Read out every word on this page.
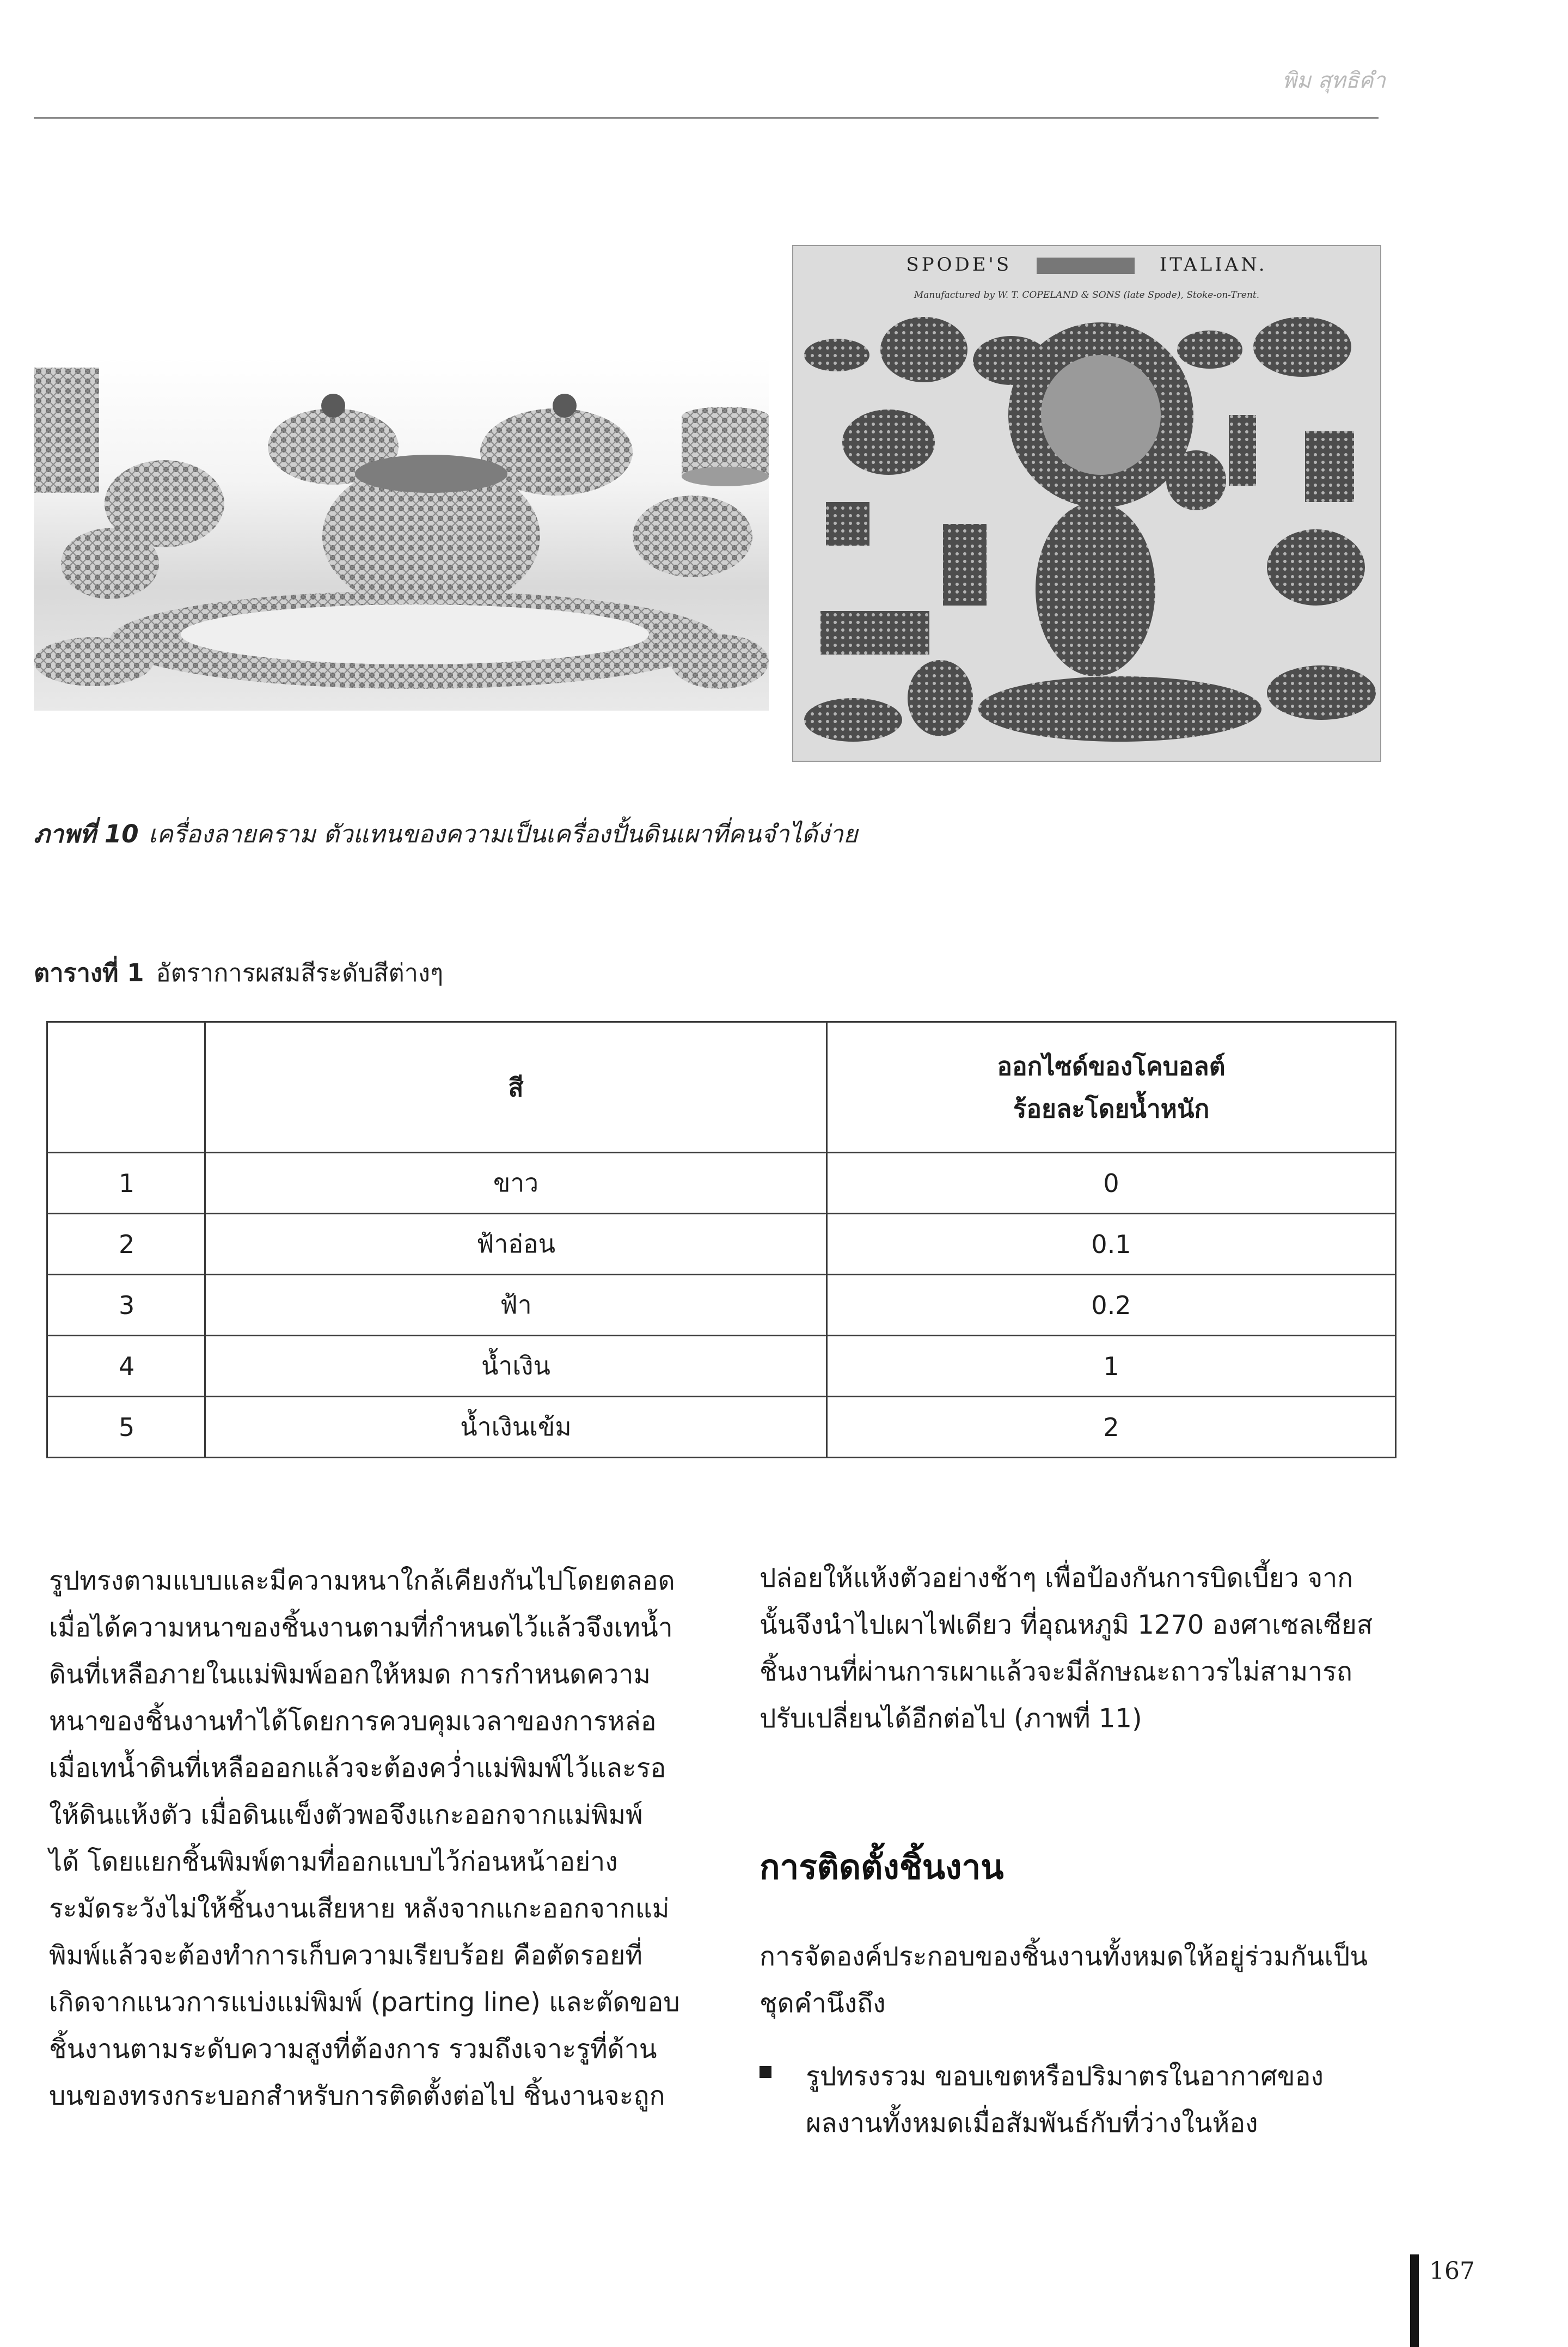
พิม สุทธิคำ
SPODE'S	ITALIAN.
Manufactured by W. T. COPELAND & SONS (late Spode), Stoke-on-Trent.
ภาพที่ 10 เครื่องลายคราม ตัวแทนของความเป็นเครื่องปั้นดินเผาที่คนจำได้ง่าย
ตารางที่ 1 อัตราการผสมสีระดับสีต่างๆ
	สี	ออกไซด์ของโคบอลต์
ร้อยละโดยน้ำหนัก

1	ขาว	0
2	ฟ้าอ่อน	0.1
3	ฟ้า	0.2
4	น้ำเงิน	1
5	น้ำเงินเข้ม	2
รูปทรงตามแบบและมีความหนาใกล้เคียงกันไปโดยตลอด
เมื่อได้ความหนาของชิ้นงานตามที่กำหนดไว้แล้วจึงเทน้ำ
ดินที่เหลือภายในแม่พิมพ์ออกให้หมด การกำหนดความ
หนาของชิ้นงานทำได้โดยการควบคุมเวลาของการหล่อ
เมื่อเทน้ำดินที่เหลือออกแล้วจะต้องคว่ำแม่พิมพ์ไว้และรอ
ให้ดินแห้งตัว เมื่อดินแข็งตัวพอจึงแกะออกจากแม่พิมพ์
ได้ โดยแยกชิ้นพิมพ์ตามที่ออกแบบไว้ก่อนหน้าอย่าง
ระมัดระวังไม่ให้ชิ้นงานเสียหาย หลังจากแกะออกจากแม่
พิมพ์แล้วจะต้องทำการเก็บความเรียบร้อย คือตัดรอยที่
เกิดจากแนวการแบ่งแม่พิมพ์ (parting line) และตัดขอบ
ชิ้นงานตามระดับความสูงที่ต้องการ รวมถึงเจาะรูที่ด้าน
บนของทรงกระบอกสำหรับการติดตั้งต่อไป ชิ้นงานจะถูก
ปล่อยให้แห้งตัวอย่างช้าๆ เพื่อป้องกันการบิดเบี้ยว จาก
นั้นจึงนำไปเผาไฟเดียว ที่อุณหภูมิ 1270 องศาเซลเซียส
ชิ้นงานที่ผ่านการเผาแล้วจะมีลักษณะถาวรไม่สามารถ
ปรับเปลี่ยนได้อีกต่อไป (ภาพที่ 11)
การติดตั้งชิ้นงาน
การจัดองค์ประกอบของชิ้นงานทั้งหมดให้อยู่ร่วมกันเป็น
ชุดคำนึงถึง
รูปทรงรวม ขอบเขตหรือปริมาตรในอากาศของ
ผลงานทั้งหมดเมื่อสัมพันธ์กับที่ว่างในห้อง
167
